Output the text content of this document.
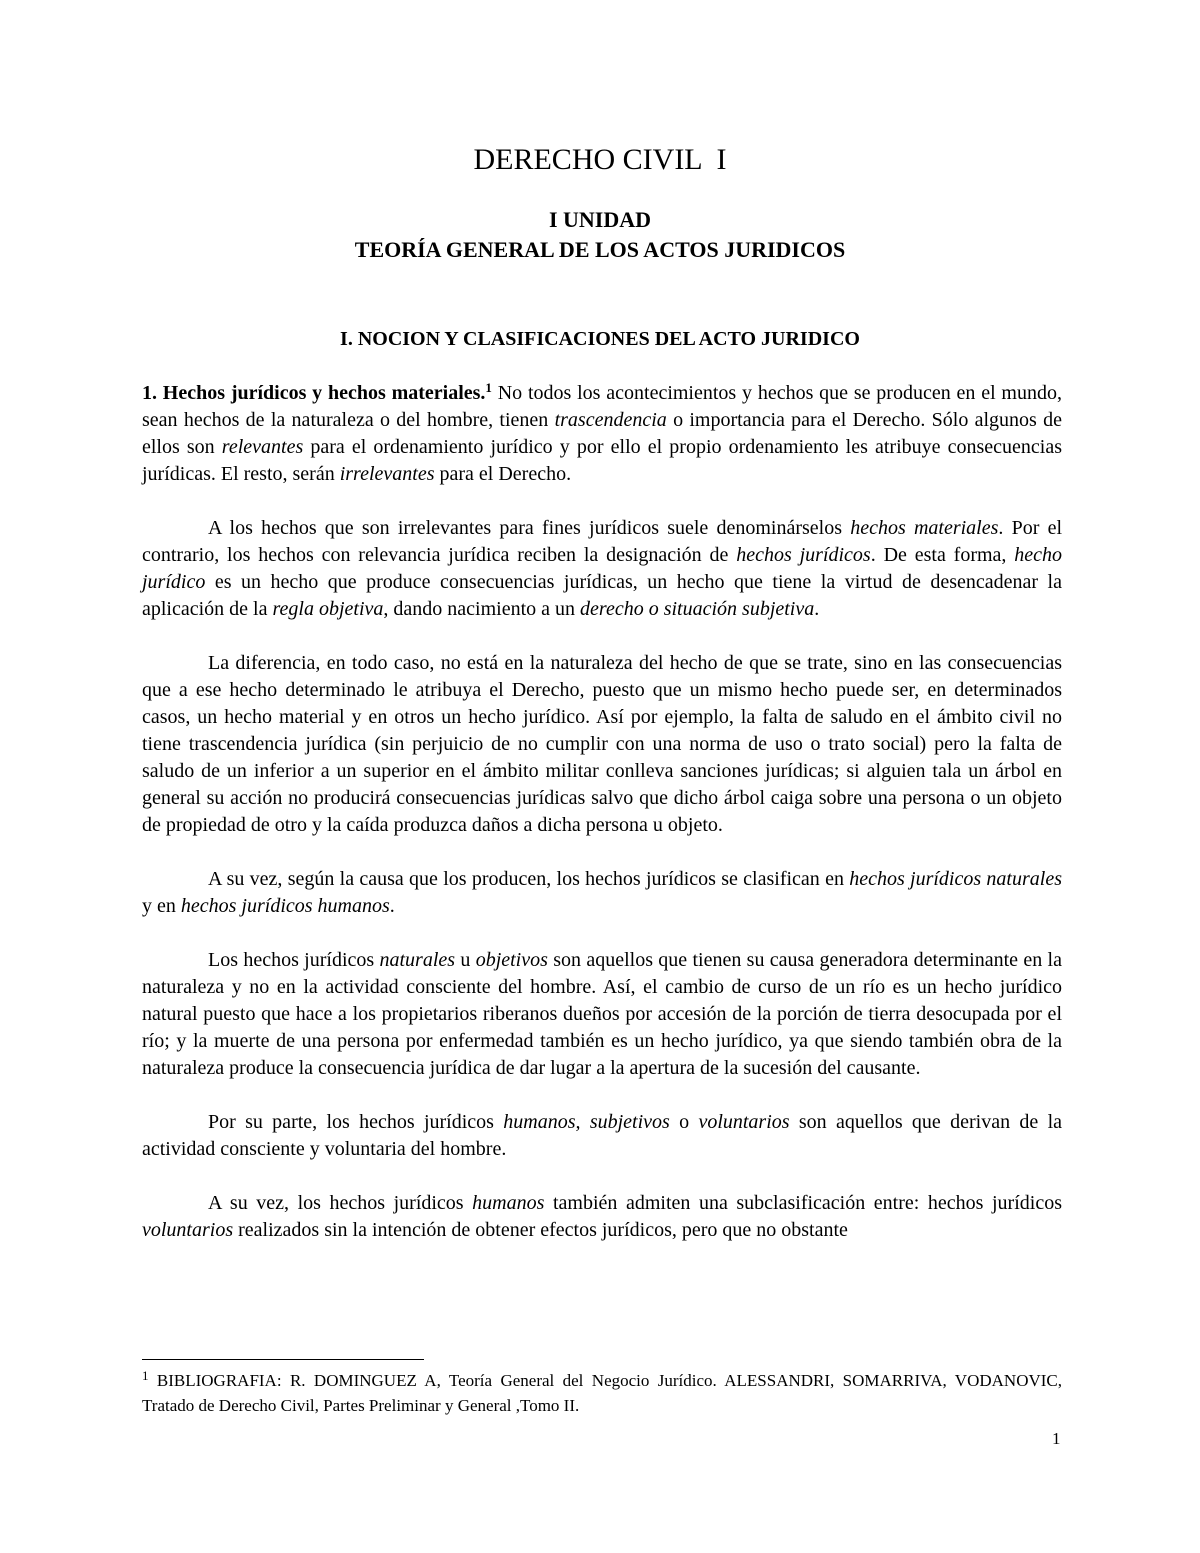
DERECHO CIVIL  I
I UNIDAD
TEORÍA GENERAL DE LOS ACTOS JURIDICOS
I. NOCION Y CLASIFICACIONES DEL ACTO JURIDICO

1. Hechos jurídicos y hechos materiales.$^1$ No todos los acontecimientos y hechos que se producen en el mundo, sean hechos de la naturaleza o del hombre, tienen trascendencia o importancia para el Derecho. Sólo algunos de ellos son relevantes para el ordenamiento jurídico y por ello el propio ordenamiento les atribuye consecuencias jurídicas. El resto, serán irrelevantes para el Derecho.

A los hechos que son irrelevantes para fines jurídicos suele denominárselos hechos materiales. Por el contrario, los hechos con relevancia jurídica reciben la designación de hechos jurídicos. De esta forma, hecho jurídico es un hecho que produce consecuencias jurídicas, un hecho que tiene la virtud de desencadenar la aplicación de la regla objetiva, dando nacimiento a un derecho o situación subjetiva.

La diferencia, en todo caso, no está en la naturaleza del hecho de que se trate, sino en las consecuencias que a ese hecho determinado le atribuya el Derecho, puesto que un mismo hecho puede ser, en determinados casos, un hecho material y en otros un hecho jurídico. Así por ejemplo, la falta de saludo en el ámbito civil no tiene trascendencia jurídica (sin perjuicio de no cumplir con una norma de uso o trato social) pero la falta de saludo de un inferior a un superior en el ámbito militar conlleva sanciones jurídicas; si alguien tala un árbol en general su acción no producirá consecuencias jurídicas salvo que dicho árbol caiga sobre una persona o un objeto de propiedad de otro y la caída produzca daños a dicha persona u objeto.

A su vez, según la causa que los producen, los hechos jurídicos se clasifican en hechos jurídicos naturales y en hechos jurídicos humanos.

Los hechos jurídicos naturales u objetivos son aquellos que tienen su causa generadora determinante en la naturaleza y no en la actividad consciente del hombre. Así, el cambio de curso de un río es un hecho jurídico natural puesto que hace a los propietarios riberanos dueños por accesión de la porción de tierra desocupada por el río; y la muerte de una persona por enfermedad también es un hecho jurídico, ya que siendo también obra de la naturaleza produce la consecuencia jurídica de dar lugar a la apertura de la sucesión del causante.

Por su parte, los hechos jurídicos humanos, subjetivos o voluntarios son aquellos que derivan de la actividad consciente y voluntaria del hombre.

A su vez, los hechos jurídicos humanos también admiten una subclasificación entre: hechos jurídicos voluntarios realizados sin la intención de obtener efectos jurídicos, pero que no obstante

$^1$ BIBLIOGRAFIA: R. DOMINGUEZ A, Teoría General del Negocio Jurídico. ALESSANDRI, SOMARRIVA, VODANOVIC, Tratado de Derecho Civil, Partes Preliminar y General ,Tomo II.
1
